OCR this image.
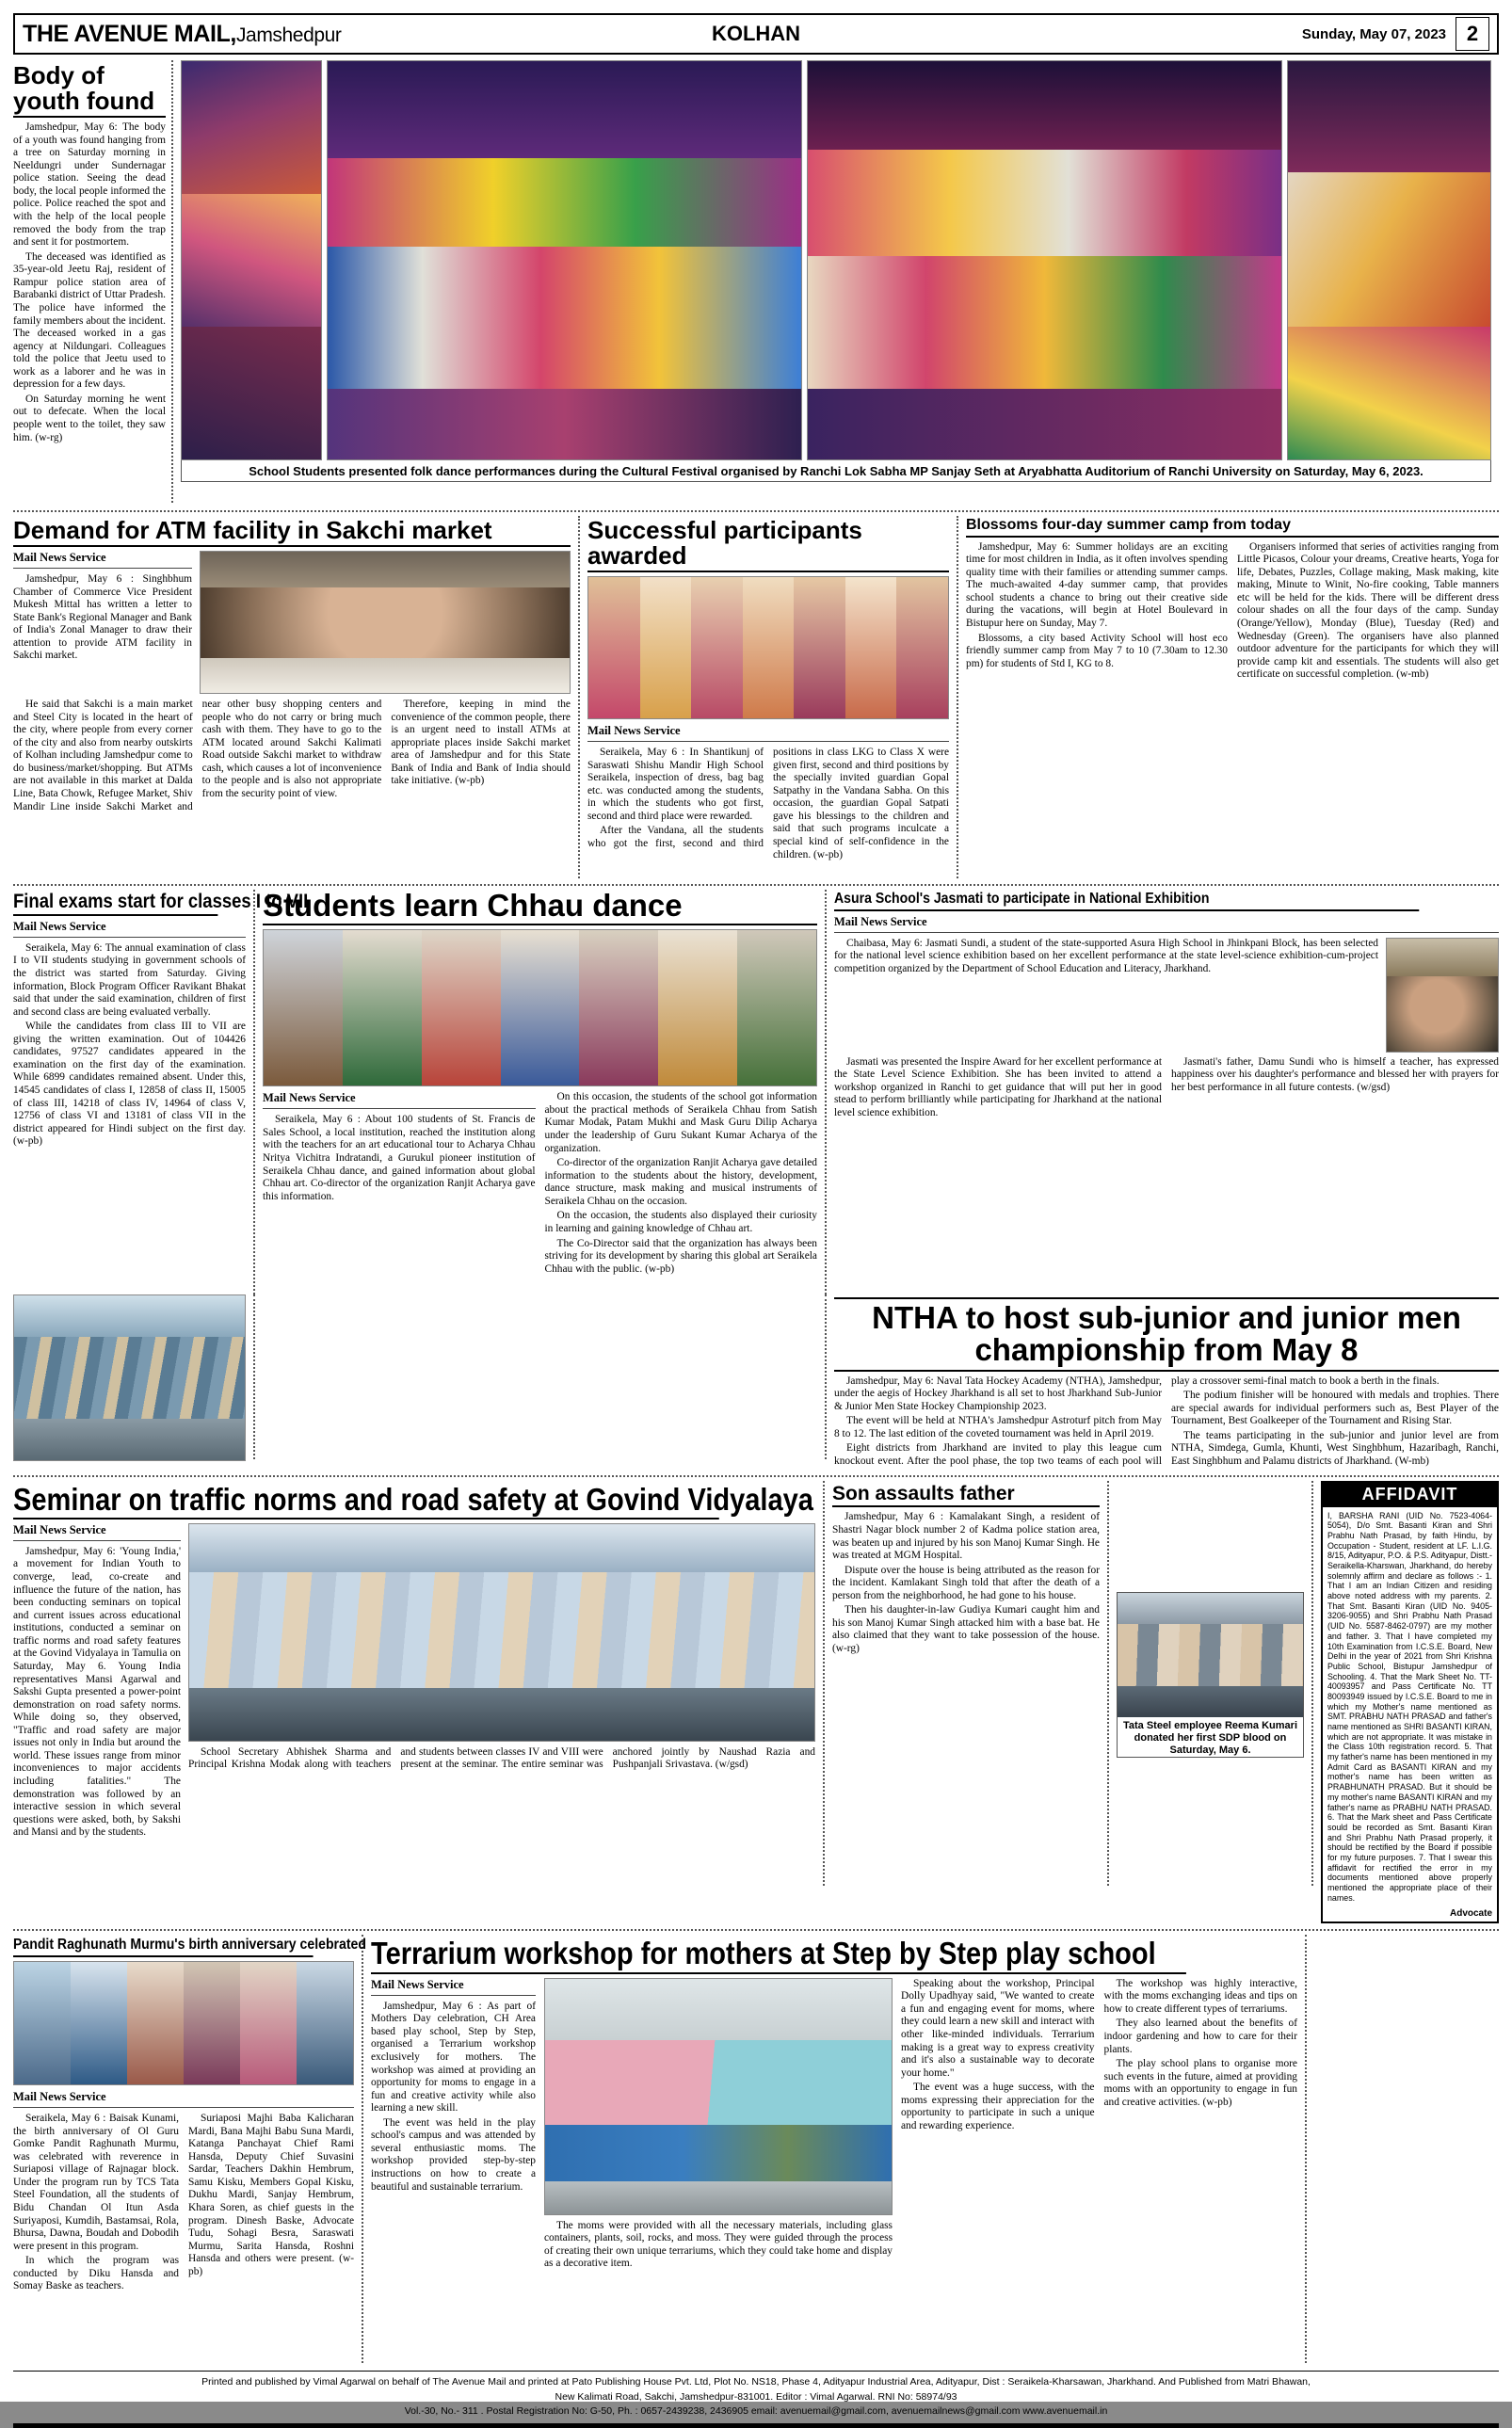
THE AVENUE MAIL,Jamshedpur	KOLHAN	Sunday, May 07, 2023 2
Body of youth found

Jamshedpur, May 6: The body of a youth was found hanging from a tree on Saturday morning in Neeldungri under Sundernagar police station. Seeing the dead body, the local people informed the police. Police reached the spot and with the help of the local people removed the body from the trap and sent it for postmortem.

The deceased was identified as 35-year-old Jeetu Raj, resident of Rampur police station area of Barabanki district of Uttar Pradesh. The police have informed the family members about the incident. The deceased worked in a gas agency at Nildungari. Colleagues told the police that Jeetu used to work as a laborer and he was in depression for a few days.

On Saturday morning he went out to defecate. When the local people went to the toilet, they saw him. (w-rg)

School Students presented folk dance performances during the Cultural Festival organised by Ranchi Lok Sabha MP Sanjay Seth at Aryabhatta Auditorium of Ranchi University on Saturday, May 6, 2023.
Demand for ATM facility in Sakchi market
Mail News Service

Jamshedpur, May 6 : Singhbhum Chamber of Commerce Vice President Mukesh Mittal has written a letter to State Bank's Regional Manager and Bank of India's Zonal Manager to draw their attention to provide ATM facility in Sakchi market.

He said that Sakchi is a main market and Steel City is located in the heart of the city, where people from every corner of the city and also from nearby outskirts of Kolhan including Jamshedpur come to do business/market/shopping. But ATMs are not available in this market at Dalda Line, Bata Chowk, Refugee Market, Shiv Mandir Line inside Sakchi Market and near other busy shopping centers and people who do not carry or bring much cash with them. They have to go to the ATM located around Sakchi Kalimati Road outside Sakchi market to withdraw cash, which causes a lot of inconvenience to the people and is also not appropriate from the security point of view.

Therefore, keeping in mind the convenience of the common people, there is an urgent need to install ATMs at appropriate places inside Sakchi market area of Jamshedpur and for this State Bank of India and Bank of India should take initiative. (w-pb)

Successful participants awarded
Mail News Service

Seraikela, May 6 : In Shantikunj of Saraswati Shishu Mandir High School Seraikela, inspection of dress, bag bag etc. was conducted among the students, in which the students who got first, second and third place were rewarded.

After the Vandana, all the students who got the first, second and third positions in class LKG to Class X were given first, second and third positions by the specially invited guardian Gopal Satpathy in the Vandana Sabha. On this occasion, the guardian Gopal Satpati gave his blessings to the children and said that such programs inculcate a special kind of self-confidence in the children. (w-pb)

Blossoms four-day summer camp from today

Jamshedpur, May 6: Summer holidays are an exciting time for most children in India, as it often involves spending quality time with their families or attending summer camps. The much-awaited 4-day summer camp, that provides school students a chance to bring out their creative side during the vacations, will begin at Hotel Boulevard in Bistupur here on Sunday, May 7.

Blossoms, a city based Activity School will host eco friendly summer camp from May 7 to 10 (7.30am to 12.30 pm) for students of Std I, KG to 8.

Organisers informed that series of activities ranging from Little Picasos, Colour your dreams, Creative hearts, Yoga for life, Debates, Puzzles, Collage making, Mask making, kite making, Minute to Winit, No-fire cooking, Table manners etc will be held for the kids. There will be different dress colour shades on all the four days of the camp. Sunday (Orange/Yellow), Monday (Blue), Tuesday (Red) and Wednesday (Green). The organisers have also planned outdoor adventure for the participants for which they will provide camp kit and essentials. The students will also get certificate on successful completion. (w-mb)

Final exams start for classes I to VII
Mail News Service

Seraikela, May 6: The annual examination of class I to VII students studying in government schools of the district was started from Saturday. Giving information, Block Program Officer Ravikant Bhakat said that under the said examination, children of first and second class are being evaluated verbally.

While the candidates from class III to VII are giving the written examination. Out of 104426 candidates, 97527 candidates appeared in the examination on the first day of the examination. While 6899 candidates remained absent. Under this, 14545 candidates of class I, 12858 of class II, 15005 of class III, 14218 of class IV, 14964 of class V, 12756 of class VI and 13181 of class VII in the district appeared for Hindi subject on the first day. (w-pb)

Students learn Chhau dance
Mail News Service

Seraikela, May 6 : About 100 students of St. Francis de Sales School, a local institution, reached the institution along with the teachers for an art educational tour to Acharya Chhau Nritya Vichitra Indratandi, a Gurukul pioneer institution of Seraikela Chhau dance, and gained information about global Chhau art. Co-director of the organization Ranjit Acharya gave this information.

On this occasion, the students of the school got information about the practical methods of Seraikela Chhau from Satish Kumar Modak, Patam Mukhi and Mask Guru Dilip Acharya under the leadership of Guru Sukant Kumar Acharya of the organization.

Co-director of the organization Ranjit Acharya gave detailed information to the students about the history, development, dance structure, mask making and musical instruments of Seraikela Chhau on the occasion.

On the occasion, the students also displayed their curiosity in learning and gaining knowledge of Chhau art.

The Co-Director said that the organization has always been striving for its development by sharing this global art Seraikela Chhau with the public. (w-pb)

Asura School's Jasmati to participate in National Exhibition
Mail News Service

Chaibasa, May 6: Jasmati Sundi, a student of the state-supported Asura High School in Jhinkpani Block, has been selected for the national level science exhibition based on her excellent performance at the state level-science exhibition-cum-project competition organized by the Department of School Education and Literacy, Jharkhand.

Jasmati was presented the Inspire Award for her excellent performance at the State Level Science Exhibition. She has been invited to attend a workshop organized in Ranchi to get guidance that will put her in good stead to perform brilliantly while participating for Jharkhand at the national level science exhibition.

Jasmati's father, Damu Sundi who is himself a teacher, has expressed happiness over his daughter's performance and blessed her with prayers for her best performance in all future contests. (w/gsd)

NTHA to host sub-junior and junior men championship from May 8

Jamshedpur, May 6: Naval Tata Hockey Academy (NTHA), Jamshedpur, under the aegis of Hockey Jharkhand is all set to host Jharkhand Sub-Junior & Junior Men State Hockey Championship 2023.

The event will be held at NTHA's Jamshedpur Astroturf pitch from May 8 to 12. The last edition of the coveted tournament was held in April 2019.

Eight districts from Jharkhand are invited to play this league cum knockout event. After the pool phase, the top two teams of each pool will play a crossover semi-final match to book a berth in the finals.

The podium finisher will be honoured with medals and trophies. There are special awards for individual performers such as, Best Player of the Tournament, Best Goalkeeper of the Tournament and Rising Star.

The teams participating in the sub-junior and junior level are from NTHA, Simdega, Gumla, Khunti, West Singhbhum, Hazaribagh, Ranchi, East Singhbhum and Palamu districts of Jharkhand. (W-mb)

Seminar on traffic norms and road safety at Govind Vidyalaya
Mail News Service

Jamshedpur, May 6: 'Young India,' a movement for Indian Youth to converge, lead, co-create and influence the future of the nation, has been conducting seminars on topical and current issues across educational institutions, conducted a seminar on traffic norms and road safety features at the Govind Vidyalaya in Tamulia on Saturday, May 6. Young India representatives Mansi Agarwal and Sakshi Gupta presented a power-point demonstration on road safety norms. While doing so, they observed, "Traffic and road safety are major issues not only in India but around the world. These issues range from minor inconveniences to major accidents including fatalities." The demonstration was followed by an interactive session in which several questions were asked, both, by Sakshi and Mansi and by the students.

School Secretary Abhishek Sharma and Principal Krishna Modak along with teachers and students between classes IV and VIII were present at the seminar. The entire seminar was anchored jointly by Naushad Razia and Pushpanjali Srivastava. (w/gsd)

Son assaults father

Jamshedpur, May 6 : Kamalakant Singh, a resident of Shastri Nagar block number 2 of Kadma police station area, was beaten up and injured by his son Manoj Kumar Singh. He was treated at MGM Hospital.

Dispute over the house is being attributed as the reason for the incident. Kamlakant Singh told that after the death of a person from the neighborhood, he had gone to his house.

Then his daughter-in-law Gudiya Kumari caught him and his son Manoj Kumar Singh attacked him with a base bat. He also claimed that they want to take possession of the house. (w-rg)

Tata Steel employee Reema Kumari donated her first SDP blood on Saturday, May 6.
AFFIDAVIT
I, BARSHA RANI (UID No. 7523-4064-5054), D/o Smt. Basanti Kiran and Shri Prabhu Nath Prasad, by faith Hindu, by Occupation - Student, resident at LF. L.I.G. 8/15, Adityapur, P.O. & P.S. Adityapur, Distt.-Seraikella-Kharswan, Jharkhand, do hereby solemnly affirm and declare as follows :- 1. That I am an Indian Citizen and residing above noted address with my parents. 2. That Smt. Basanti Kiran (UID No. 9405-3206-9055) and Shri Prabhu Nath Prasad (UID No. 5587-8462-0797) are my mother and father. 3. That I have completed my 10th Examination from I.C.S.E. Board, New Delhi in the year of 2021 from Shri Krishna Public School, Bistupur Jamshedpur of Schooling. 4. That the Mark Sheet No. TT-40093957 and Pass Certificate No. TT 80093949 issued by I.C.S.E. Board to me in which my Mother's name mentioned as SMT. PRABHU NATH PRASAD and father's name mentioned as SHRI BASANTI KIRAN, which are not appropriate. It was mistake in the Class 10th registration record. 5. That my father's name has been mentioned in my Admit Card as BASANTI KIRAN and my mother's name has been written as PRABHUNATH PRASAD. But it should be my mother's name BASANTI KIRAN and my father's name as PRABHU NATH PRASAD. 6. That the Mark sheet and Pass Certificate sould be recorded as Smt. Basanti Kiran and Shri Prabhu Nath Prasad properly, it should be rectified by the Board if possible for my future purposes. 7. That I swear this affidavit for rectified the error in my documents mentioned above properly mentioned the appropriate place of their names.
Advocate
Pandit Raghunath Murmu's birth anniversary celebrated
Mail News Service

Seraikela, May 6 : Baisak Kunami, the birth anniversary of Ol Guru Gomke Pandit Raghunath Murmu, was celebrated with reverence in Suriaposi village of Rajnagar block. Under the program run by TCS Tata Steel Foundation, all the students of Bidu Chandan Ol Itun Asda Suriyaposi, Kumdih, Bastamsai, Rola, Bhursa, Dawna, Boudah and Dobodih were present in this program.

In which the program was conducted by Diku Hansda and Somay Baske as teachers.

Suriaposi Majhi Baba Kalicharan Mardi, Bana Majhi Babu Suna Mardi, Katanga Panchayat Chief Rami Hansda, Deputy Chief Suvasini Sardar, Teachers Dakhin Hembrum, Samu Kisku, Members Gopal Kisku, Dukhu Mardi, Sanjay Hembrum, Khara Soren, as chief guests in the program. Dinesh Baske, Advocate Tudu, Sohagi Besra, Saraswati Murmu, Sarita Hansda, Roshni Hansda and others were present. (w-pb)

Terrarium workshop for mothers at Step by Step play school
Mail News Service

Jamshedpur, May 6 : As part of Mothers Day celebration, CH Area based play school, Step by Step, organised a Terrarium workshop exclusively for mothers. The workshop was aimed at providing an opportunity for moms to engage in a fun and creative activity while also learning a new skill.

The event was held in the play school's campus and was attended by several enthusiastic moms. The workshop provided step-by-step instructions on how to create a beautiful and sustainable terrarium.

The moms were provided with all the necessary materials, including glass containers, plants, soil, rocks, and moss. They were guided through the process of creating their own unique terrariums, which they could take home and display as a decorative item.

Speaking about the workshop, Principal Dolly Upadhyay said, "We wanted to create a fun and engaging event for moms, where they could learn a new skill and interact with other like-minded individuals. Terrarium making is a great way to express creativity and it's also a sustainable way to decorate your home."

The event was a huge success, with the moms expressing their appreciation for the opportunity to participate in such a unique and rewarding experience.

The workshop was highly interactive, with the moms exchanging ideas and tips on how to create different types of terrariums.

They also learned about the benefits of indoor gardening and how to care for their plants.

The play school plans to organise more such events in the future, aimed at providing moms with an opportunity to engage in fun and creative activities. (w-pb)

Printed and published by Vimal Agarwal on behalf of The Avenue Mail and printed at Pato Publishing House Pvt. Ltd, Plot No. NS18, Phase 4, Adityapur Industrial Area, Adityapur, Dist : Seraikela-Kharsawan, Jharkhand. And Published from Matri Bhawan,
New Kalimati Road, Sakchi, Jamshedpur-831001. Editor : Vimal Agarwal. RNI No: 58974/93
Vol.-30, No.- 311 . Postal Registration No: G-50, Ph. : 0657-2439238, 2436905 email: avenuemail@gmail.com, avenuemailnews@gmail.com www.avenuemail.in
